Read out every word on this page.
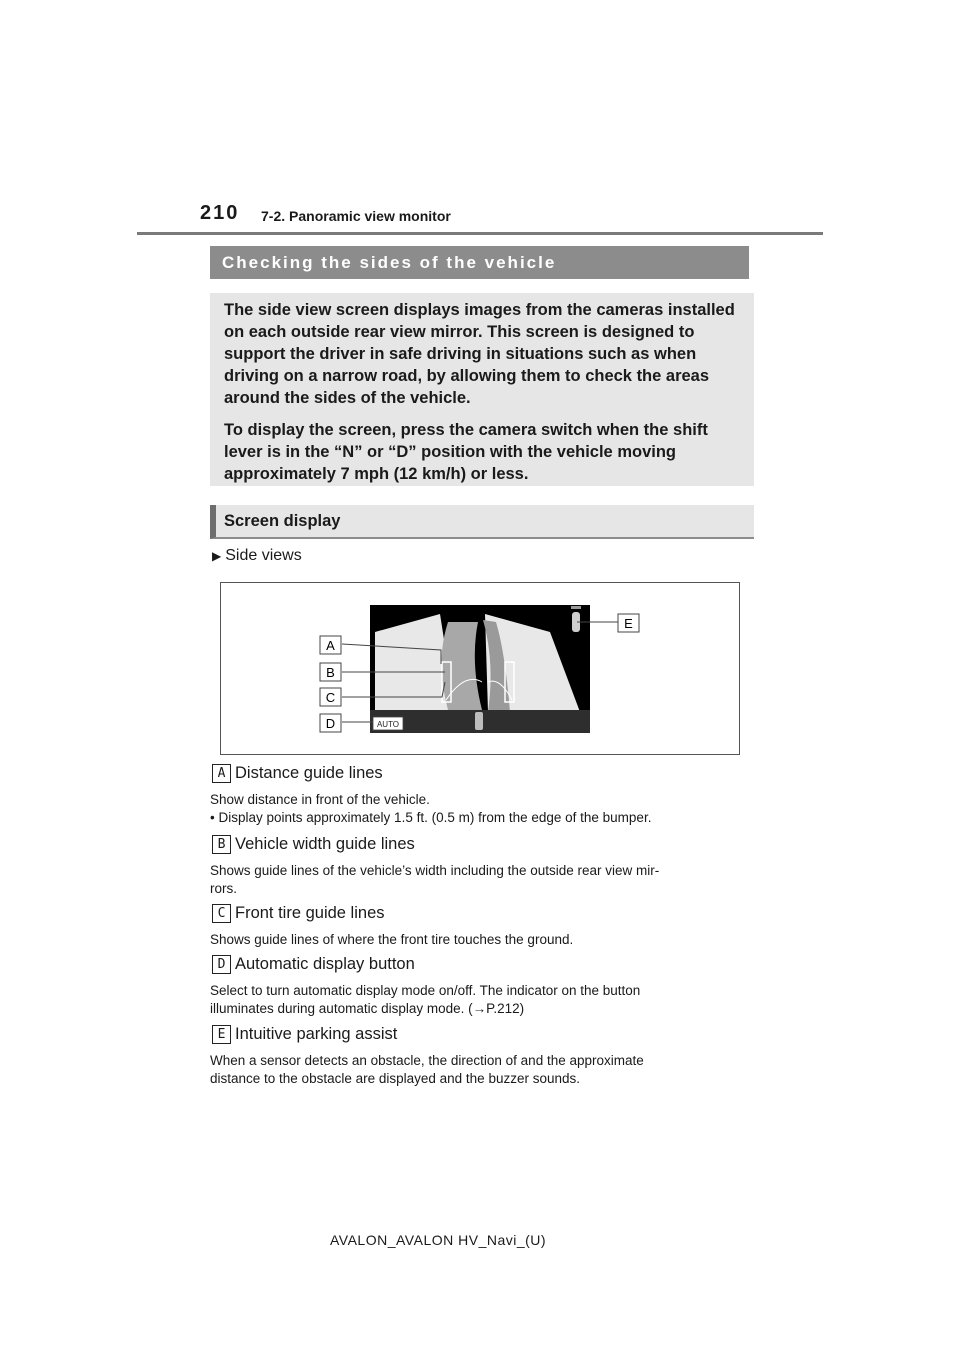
210 7-2. Panoramic view monitor
Checking the sides of the vehicle

The side view screen displays images from the cameras installed on each outside rear view mirror. This screen is designed to support the driver in safe driving in situations such as when driving on a narrow road, by allowing them to check the areas around the sides of the vehicle.

To display the screen, press the camera switch when the shift lever is in the “N” or “D” position with the vehicle moving approximately 7 mph (12 km/h) or less.

Screen display
▶ Side views
AUTO
A
B
C
D
E
A Distance guide lines
Show distance in front of the vehicle.
• Display points approximately 1.5 ft. (0.5 m) from the edge of the bumper.
B Vehicle width guide lines
Shows guide lines of the vehicle’s width including the outside rear view mir-
rors.
C Front tire guide lines
Shows guide lines of where the front tire touches the ground.
D Automatic display button
Select to turn automatic display mode on/off. The indicator on the button
illuminates during automatic display mode. (→P.212)
E Intuitive parking assist
When a sensor detects an obstacle, the direction of and the approximate
distance to the obstacle are displayed and the buzzer sounds.
AVALON_AVALON HV_Navi_(U)
